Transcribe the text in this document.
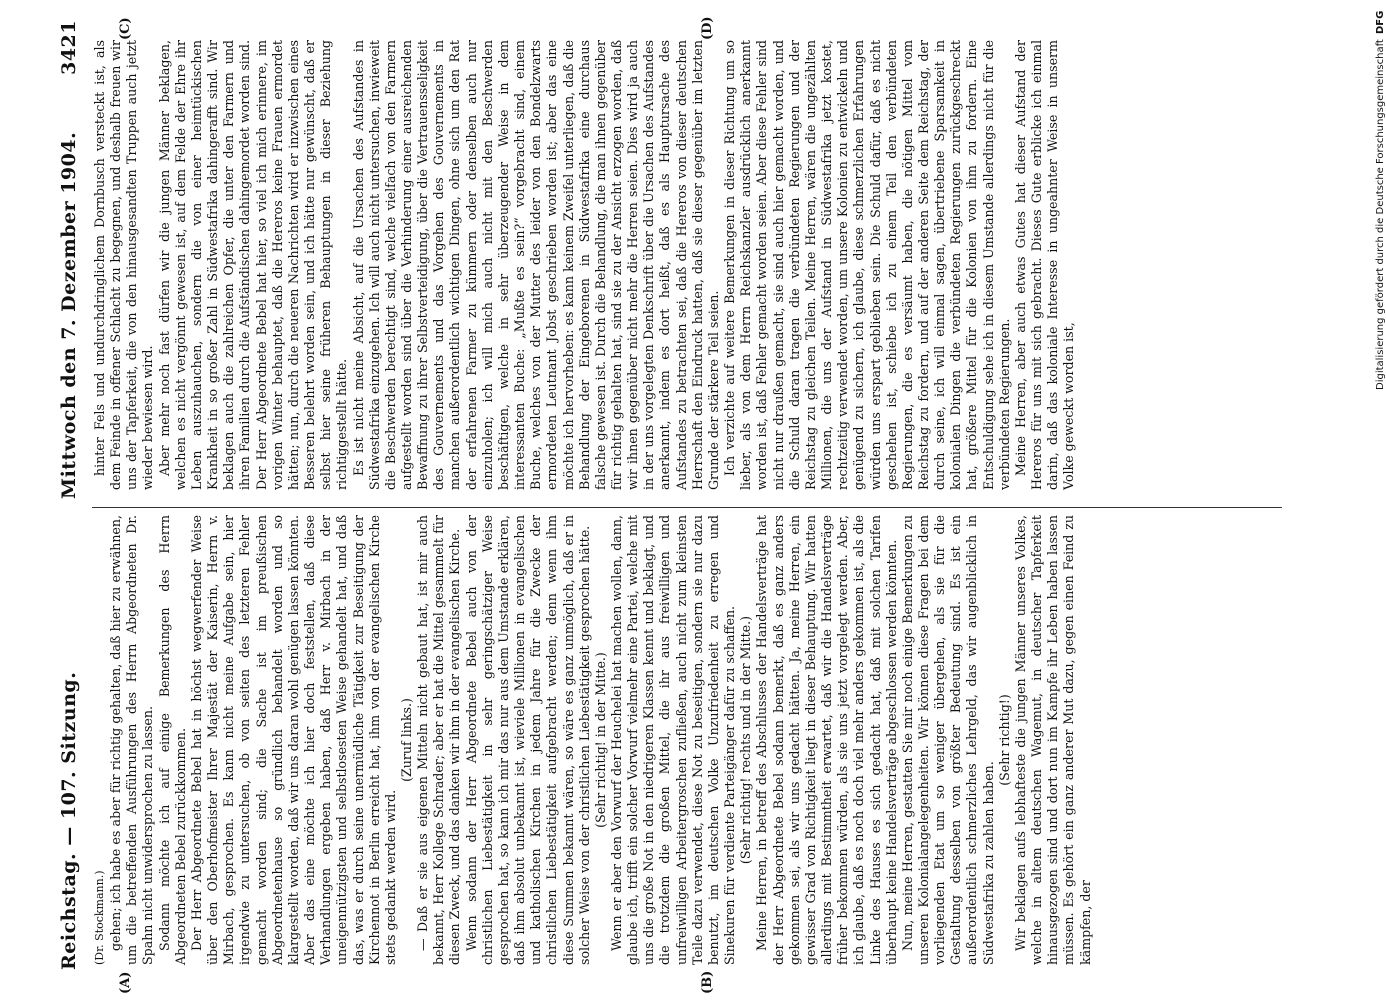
Reichstag. — 107. Sitzung.
Mittwoch den 7. Dezember 1904.        3421
(A)	(B)
(C)	(D)

(Dr. Stockmann.) gehen; ich habe es aber für richtig gehalten, daß hier zu erwähnen, um die betreffenden Ausführungen des Herrn Abgeordneten Dr. Spahn nicht unwidersprochen zu lassen. Sodann möchte ich auf einige Bemerkungen des Herrn Abgeordneten Bebel zurückkommen. Der Herr Abgeordnete Bebel hat in höchst wegwerfender Weise über den Oberhofmeister Ihrer Majestät der Kaiserin, Herrn v. Mirbach, gesprochen. Es kann nicht meine Aufgabe sein, hier irgendwie zu untersuchen, ob von seiten des letzteren Fehler gemacht worden sind; die Sache ist im preußischen Abgeordnetenhause so gründlich behandelt worden und so klargestellt worden, daß wir uns daran wohl genügen lassen könnten. Aber das eine möchte ich hier doch feststellen, daß diese Verhandlungen ergeben haben, daß Herr v. Mirbach in der uneigennützigsten und selbstlosesten Weise gehandelt hat, und daß das, was er durch seine unermüdliche Tätigkeit zur Beseitigung der Kirchennot in Berlin erreicht hat, ihm von der evangelischen Kirche stets gedankt werden wird.

(Zuruf links.) — Daß er sie aus eigenen Mitteln nicht gebaut hat, ist mir auch bekannt, Herr Kollege Schrader; aber er hat die Mittel gesammelt für diesen Zweck, und das danken wir ihm in der evangelischen Kirche. Wenn sodann der Herr Abgeordnete Bebel auch von der christlichen Liebestätigkeit in sehr geringschätziger Weise gesprochen hat, so kann ich mir das nur aus dem Umstande erklären, daß ihm absolut unbekannt ist, wieviele Millionen in evangelischen und katholischen Kirchen in jedem Jahre für die Zwecke der christlichen Liebestätigkeit aufgebracht werden; denn wenn ihm diese Summen bekannt wären, so wäre es ganz unmöglich, daß er in solcher Weise von der christlichen Liebestätigkeit gesprochen hätte. (Sehr richtig! in der Mitte.) Wenn er aber den Vorwurf der Heuchelei hat machen wollen, dann, glaube ich, trifft ein solcher Vorwurf vielmehr eine Partei, welche mit uns die große Not in den niedrigeren Klassen kennt und beklagt, und die trotzdem die großen Mittel, die ihr aus freiwilligen und unfreiwilligen Arbeitergroschen zufließen, auch nicht zum kleinsten Teile dazu verwendet, diese Not zu beseitigen, sondern sie nur dazu benutzt, im deutschen Volke Unzufriedenheit zu erregen und Sinekuren für verdiente Parteigänger dafür zu schaffen. (Sehr richtig! rechts und in der Mitte.) Meine Herren, in betreff des Abschlusses der Handelsverträge hat der Herr Abgeordnete Bebel sodann bemerkt, daß es ganz anders gekommen sei, als wir uns gedacht hätten. Ja, meine Herren, ein gewisser Grad von Richtigkeit liegt in dieser Behauptung. Wir hatten allerdings mit Bestimmtheit erwartet, daß wir die Handelsverträge früher bekommen würden, als sie uns jetzt vorgelegt werden. Aber, ich glaube, daß es noch doch viel mehr anders gekommen ist, als die Linke des Hauses es sich gedacht hat, daß mit solchen Tarifen überhaupt keine Handelsverträge abgeschlossen werden könnten. Nun, meine Herren, gestatten Sie mir noch einige Bemerkungen zu unseren Kolonialangelegenheiten. Wir können diese Fragen bei dem vorliegenden Etat um so weniger übergehen, als sie für die Gestaltung desselben von größter Bedeutung sind. Es ist ein außerordentlich schmerzliches Lehrgeld, das wir augenblicklich in Südwestafrika zu zahlen haben.

(Sehr richtig!) Wir beklagen aufs lebhafteste die jungen Männer unseres Volkes, welche in altem deutschen Wagemut, in deutscher Tapferkeit hinausgezogen sind und dort nun im Kampfe ihr Leben haben lassen müssen. Es gehört ein ganz anderer Mut dazu, gegen einen Feind zu kämpfen, der

hinter Fels und undurchdringlichem Dornbusch versteckt ist, als dem Feinde in offener Schlacht zu begegnen, und deshalb freuen wir uns der Tapferkeit, die von den hinausgesandten Truppen auch jetzt wieder bewiesen wird. Aber mehr noch fast dürfen wir die jungen Männer beklagen, welchen es nicht vergönnt gewesen ist, auf dem Felde der Ehre ihr Leben auszuhauchen, sondern die von einer heimtückischen Krankheit in so großer Zahl in Südwestafrika dahingerafft sind. Wir beklagen auch die zahlreichen Opfer, die unter den Farmern und ihren Familien durch die Aufständischen dahingemordet worden sind. Der Herr Abgeordnete Bebel hat hier, so viel ich mich erinnere, im vorigen Winter behauptet, daß die Hereros keine Frauen ermordet hätten; nun, durch die neueren Nachrichten wird er inzwischen eines Besseren belehrt worden sein, und ich hätte nur gewünscht, daß er selbst hier seine früheren Behauptungen in dieser Beziehung richtiggestellt hätte. Es ist nicht meine Absicht, auf die Ursachen des Aufstandes in Südwestafrika einzugehen. Ich will auch nicht untersuchen, inwieweit die Beschwerden berechtigt sind, welche vielfach von den Farmern aufgestellt worden sind über die Verhinderung einer ausreichenden Bewaffnung zu ihrer Selbstverteidigung, über die Vertrauensseligkeit des Gouvernements und das Vorgehen des Gouvernements in manchen außerordentlich wichtigen Dingen, ohne sich um den Rat der erfahrenen Farmer zu kümmern oder denselben auch nur einzuholen; ich will mich auch nicht mit den Beschwerden beschäftigen, welche in sehr überzeugender Weise in dem interessanten Buche: „Mußte es sein?“ vorgebracht sind, einem Buche, welches von der Mutter des leider von den Bondelzwarts ermordeten Leutnant Jobst geschrieben worden ist; aber das eine möchte ich hervorheben: es kann keinem Zweifel unterliegen, daß die Behandlung der Eingeborenen in Südwestafrika eine durchaus falsche gewesen ist. Durch die Behandlung, die man ihnen gegenüber für richtig gehalten hat, sind sie zu der Ansicht erzogen worden, daß wir ihnen gegenüber nicht mehr die Herren seien. Dies wird ja auch in der uns vorgelegten Denkschrift über die Ursachen des Aufstandes anerkannt, indem es dort heißt, daß es als Hauptursache des Aufstandes zu betrachten sei, daß die Hereros von dieser deutschen Herrschaft den Eindruck hatten, daß sie dieser gegenüber im letzten Grunde der stärkere Teil seien. Ich verzichte auf weitere Bemerkungen in dieser Richtung um so lieber, als von dem Herrn Reichskanzler ausdrücklich anerkannt worden ist, daß Fehler gemacht worden seien. Aber diese Fehler sind nicht nur draußen gemacht, sie sind auch hier gemacht worden, und die Schuld daran tragen die verbündeten Regierungen und der Reichstag zu gleichen Teilen. Meine Herren, wären die ungezählten Millionen, die uns der Aufstand in Südwestafrika jetzt kostet, rechtzeitig verwendet worden, um unsere Kolonien zu entwickeln und genügend zu sichern, ich glaube, diese schmerzlichen Erfahrungen würden uns erspart geblieben sein. Die Schuld dafür, daß es nicht geschehen ist, schiebe ich zu einem Teil den verbündeten Regierungen, die es versäumt haben, die nötigen Mittel vom Reichstag zu fordern, und auf der anderen Seite dem Reichstag, der durch seine, ich will einmal sagen, übertriebene Sparsamkeit in kolonialen Dingen die verbündeten Regierungen zurückgeschreckt hat, größere Mittel für die Kolonien von ihm zu fordern. Eine Entschuldigung sehe ich in diesem Umstande allerdings nicht für die verbündeten Regierungen. Meine Herren, aber auch etwas Gutes hat dieser Aufstand der Hereros für uns mit sich gebracht. Dieses Gute erblicke ich einmal darin, daß das koloniale Interesse in ungeahnter Weise in unserm Volke geweckt worden ist,

Digitalisierung gefördert durch die Deutsche Forschungsgemeinschaft
DFG
